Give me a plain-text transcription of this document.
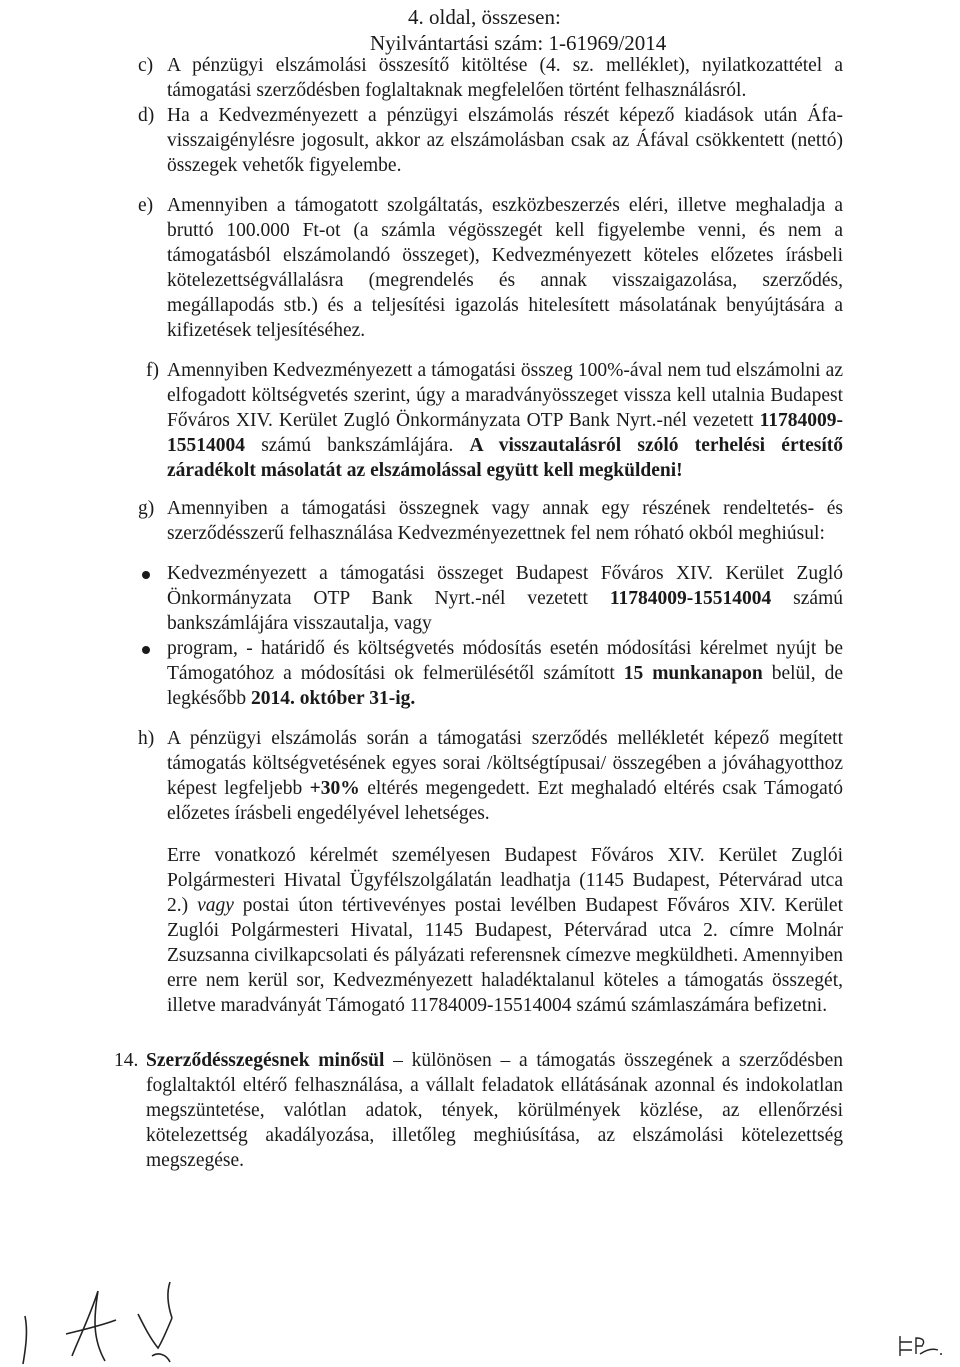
4. oldal, összesen:
Nyilvántartási szám: 1-61969/2014
c) A pénzügyi elszámolási összesítő kitöltése (4. sz. melléklet), nyilatkozattétel a támogatási szerződésben foglaltaknak megfelelően történt felhasználásról.
d) Ha a Kedvezményezett a pénzügyi elszámolás részét képező kiadások után Áfa-visszaigénylésre jogosult, akkor az elszámolásban csak az Áfával csökkentett (nettó) összegek vehetők figyelembe.
e) Amennyiben a támogatott szolgáltatás, eszközbeszerzés eléri, illetve meghaladja a bruttó 100.000 Ft-ot (a számla végösszegét kell figyelembe venni, és nem a támogatásból elszámolandó összeget), Kedvezményezett köteles előzetes írásbeli kötelezettségvállalásra (megrendelés és annak visszaigazolása, szerződés, megállapodás stb.) és a teljesítési igazolás hitelesített másolatának benyújtására a kifizetések teljesítéséhez.
f) Amennyiben Kedvezményezett a támogatási összeg 100%-ával nem tud elszámolni az elfogadott költségvetés szerint, úgy a maradványösszeget vissza kell utalnia Budapest Főváros XIV. Kerület Zugló Önkormányzata OTP Bank Nyrt.-nél vezetett 11784009-15514004 számú bankszámlájára. A visszautalásról szóló terhelési értesítő záradékolt másolatát az elszámolással együtt kell megküldeni!
g) Amennyiben a támogatási összegnek vagy annak egy részének rendeltetés- és szerződésszerű felhasználása Kedvezményezettnek fel nem róható okból meghiúsul:
Kedvezményezett a támogatási összeget Budapest Főváros XIV. Kerület Zugló Önkormányzata OTP Bank Nyrt.-nél vezetett 11784009-15514004 számú bankszámlájára visszautalja, vagy
program, - határidő és költségvetés módosítás esetén módosítási kérelmet nyújt be Támogatóhoz a módosítási ok felmerülésétől számított 15 munkanapon belül, de legkésőbb 2014. október 31-ig.
h) A pénzügyi elszámolás során a támogatási szerződés mellékletét képező megített támogatás költségvetésének egyes sorai /költségtípusai/ összegében a jóváhagyotthoz képest legfeljebb +30% eltérés megengedett. Ezt meghaladó eltérés csak Támogató előzetes írásbeli engedélyével lehetséges.
Erre vonatkozó kérelmét személyesen Budapest Főváros XIV. Kerület Zuglói Polgármesteri Hivatal Ügyfélszolgálatán leadhatja (1145 Budapest, Pétervárad utca 2.) vagy postai úton tértivevényes postai levélben Budapest Főváros XIV. Kerület Zuglói Polgármesteri Hivatal, 1145 Budapest, Pétervárad utca 2. címre Molnár Zsuzsanna civilkapcsolati és pályázati referensnek címezve megküldheti. Amennyiben erre nem kerül sor, Kedvezményezett haladéktalanul köteles a támogatás összegét, illetve maradványát Támogató 11784009-15514004 számú számlaszámára befizetni.
14. Szerződésszegésnek minősül – különösen – a támogatás összegének a szerződésben foglaltaktól eltérő felhasználása, a vállalt feladatok ellátásának azonnal és indokolatlan megszüntetése, valótlan adatok, tények, körülmények közlése, az ellenőrzési kötelezettség akadályozása, illetőleg meghiúsítása, az elszámolási kötelezettség megszegése.
